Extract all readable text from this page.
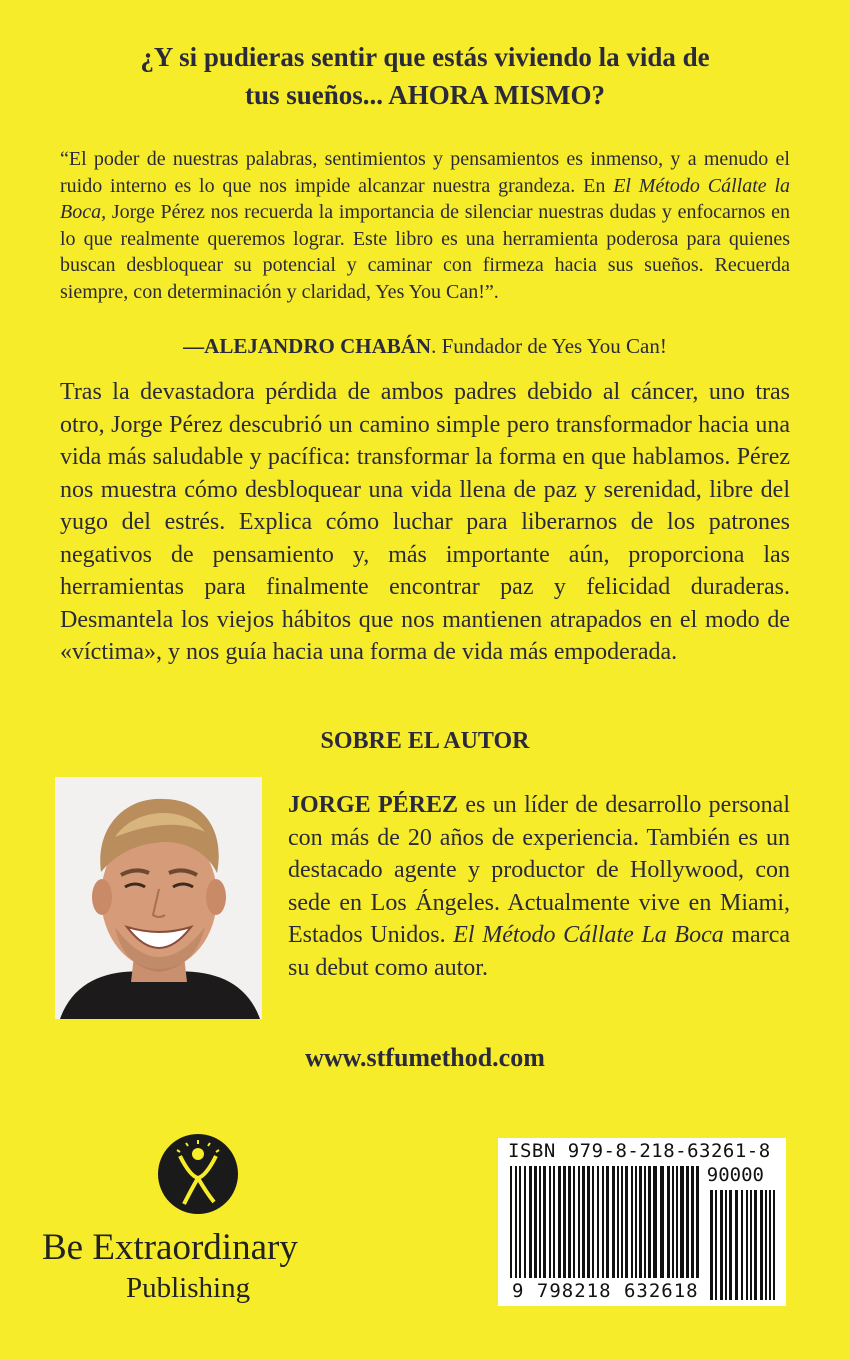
¿Y si pudieras sentir que estás viviendo la vida de
tus sueños... AHORA MISMO?
“El poder de nuestras palabras, sentimientos y pensamientos es inmenso, y a menudo el ruido interno es lo que nos impide alcanzar nuestra grandeza. En El Método Cállate la Boca, Jorge Pérez nos recuerda la importancia de silenciar nuestras dudas y enfocarnos en lo que realmente queremos lograr. Este libro es una herramienta poderosa para quienes buscan desbloquear su potencial y caminar con firmeza hacia sus sueños. Recuerda siempre, con determinación y claridad, Yes You Can!”.
—ALEJANDRO CHABÁN. Fundador de Yes You Can!
Tras la devastadora pérdida de ambos padres debido al cáncer, uno tras otro, Jorge Pérez descubrió un camino simple pero transformador hacia una vida más saludable y pacífica: transformar la forma en que hablamos. Pérez nos muestra cómo desbloquear una vida llena de paz y serenidad, libre del yugo del estrés. Explica cómo luchar para liberarnos de los patrones negativos de pensamiento y, más importante aún, proporciona las herramientas para finalmente encontrar paz y felicidad duraderas. Desmantela los viejos hábitos que nos mantienen atrapados en el modo de «víctima», y nos guía hacia una forma de vida más empoderada.
SOBRE EL AUTOR
JORGE PÉREZ es un líder de desarrollo personal con más de 20 años de experiencia. También es un destacado agente y productor de Hollywood, con sede en Los Ángeles. Actualmente vive en Miami, Estados Unidos. El Método Cállate La Boca marca su debut como autor.
www.stfumethod.com
Be Extraordinary
Publishing
ISBN 979-8-218-63261-8
90000
9 798218 632618
